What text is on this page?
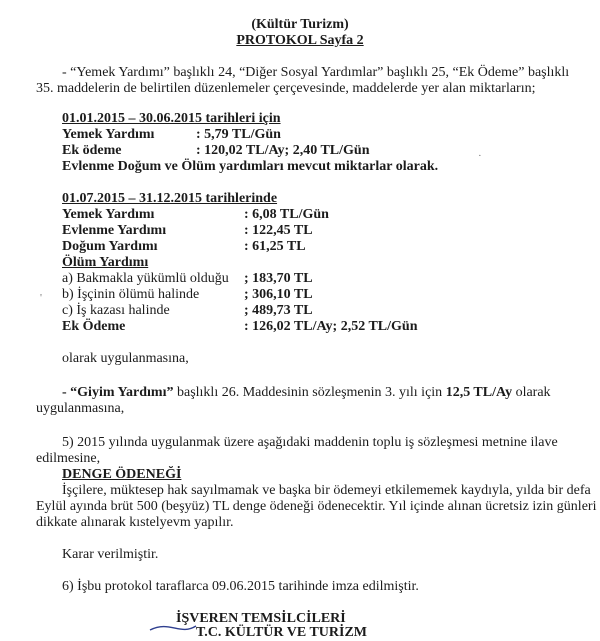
(Kültür Turizm)
PROTOKOL Sayfa 2
- “Yemek Yardımı” başlıklı 24, “Diğer Sosyal Yardımlar” başlıklı 25, “Ek Ödeme” başlıklı
35. maddelerin de belirtilen düzenlemeler çerçevesinde, maddelerde yer alan miktarların;
01.01.2015 – 30.06.2015 tarihleri için
Yemek Yardımı	: 5,79 TL/Gün
Ek ödeme	: 120,02 TL/Ay; 2,40 TL/Gün
Evlenme Doğum ve Ölüm yardımları mevcut miktarlar olarak.
01.07.2015 – 31.12.2015 tarihlerinde
Yemek Yardımı	: 6,08 TL/Gün
Evlenme Yardımı	: 122,45 TL
Doğum Yardımı	: 61,25 TL
Ölüm Yardımı
a) Bakmakla yükümlü olduğu ; 183,70 TL
b) İşçinin ölümü halinde	; 306,10 TL
c) İş kazası halinde	; 489,73 TL
Ek Ödeme	: 126,02 TL/Ay; 2,52 TL/Gün
olarak uygulanmasına,
- “Giyim Yardımı” başlıklı 26. Maddesinin sözleşmenin 3. yılı için 12,5 TL/Ay olarak
uygulanmasına,
5) 2015 yılında uygulanmak üzere aşağıdaki maddenin toplu iş sözleşmesi metnine ilave
edilmesine,
DENGE ÖDENEĞİ
İşçilere, müktesep hak sayılmamak ve başka bir ödemeyi etkilememek kaydıyla, yılda bir defa
Eylül ayında brüt 500 (beşyüz) TL denge ödeneği ödenecektir. Yıl içinde alınan ücretsiz izin günleri
dikkate alınarak kıstelyevm yapılır.
Karar verilmiştir.
6) İşbu protokol taraflarca 09.06.2015 tarihinde imza edilmiştir.
İŞVEREN TEMSİLCİLERİ
T.C. KÜLTÜR VE TURİZM
·
'
